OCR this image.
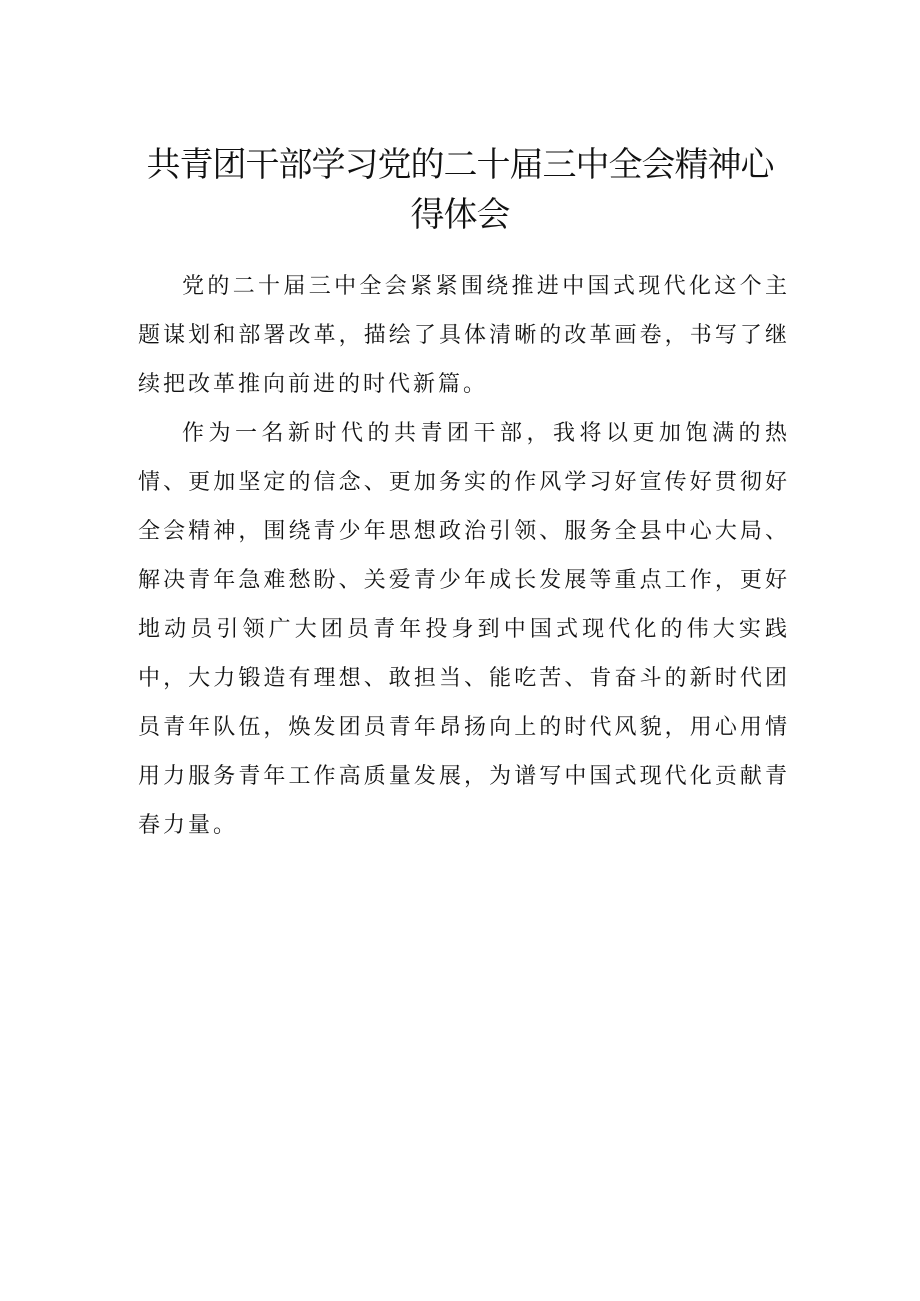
共青团干部学习党的二十届三中全会精神心
得体会

党的二十届三中全会紧紧围绕推进中国式现代化这个主题谋划和部署改革，描绘了具体清晰的改革画卷，书写了继续把改革推向前进的时代新篇。

作为一名新时代的共青团干部，我将以更加饱满的热情、更加坚定的信念、更加务实的作风学习好宣传好贯彻好全会精神，围绕青少年思想政治引领、服务全县中心大局、解决青年急难愁盼、关爱青少年成长发展等重点工作，更好地动员引领广大团员青年投身到中国式现代化的伟大实践中，大力锻造有理想、敢担当、能吃苦、肯奋斗的新时代团员青年队伍，焕发团员青年昂扬向上的时代风貌，用心用情用力服务青年工作高质量发展，为谱写中国式现代化贡献青春力量。
